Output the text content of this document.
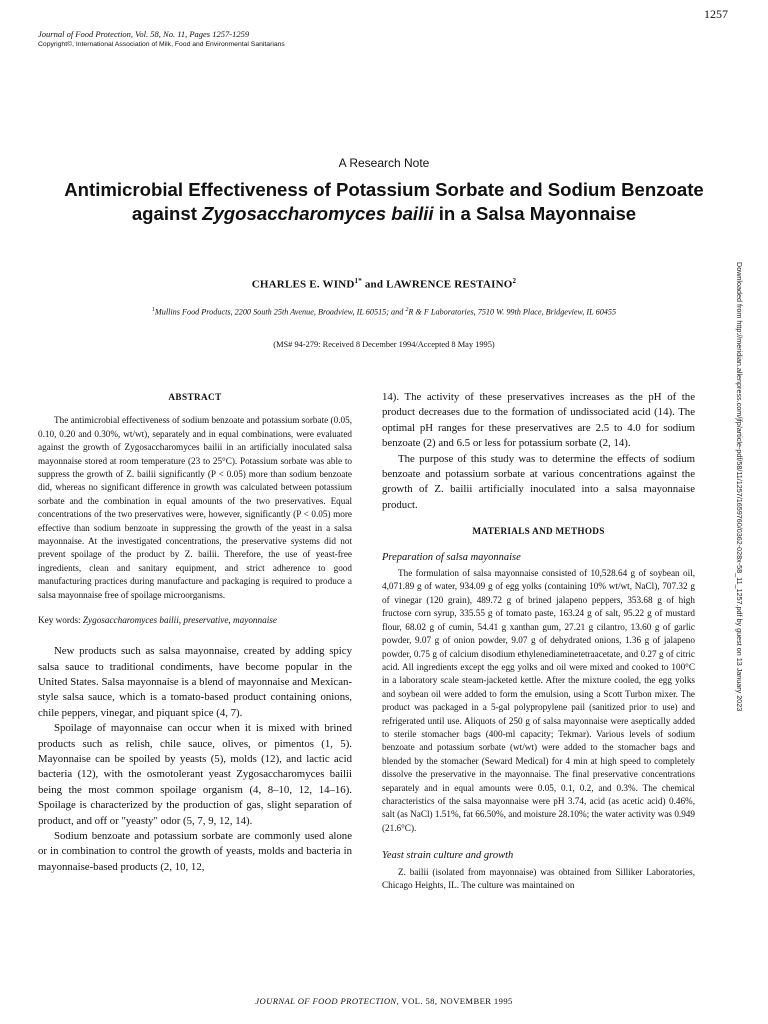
1257
Journal of Food Protection, Vol. 58, No. 11, Pages 1257-1259
Copyright©, International Association of Milk, Food and Environmental Sanitarians
A Research Note
Antimicrobial Effectiveness of Potassium Sorbate and Sodium Benzoate against Zygosaccharomyces bailii in a Salsa Mayonnaise
CHARLES E. $WIND^{1*}$ and LAWRENCE RESTAINO$^2$
$^1$Mullins Food Products, 2200 South 25th Avenue, Broadview, IL 60515; and $^2$R & F Laboratories, 7510 W. 99th Place, Bridgeview, IL 60455
(MS# 94-279: Received 8 December 1994/Accepted 8 May 1995)
ABSTRACT

The antimicrobial effectiveness of sodium benzoate and potassium sorbate (0.05, 0.10, 0.20 and 0.30%, wt/wt), separately and in equal combinations, were evaluated against the growth of Zygosaccharomyces bailii in an artificially inoculated salsa mayonnaise stored at room temperature (23 to 25°C). Potassium sorbate was able to suppress the growth of Z. bailii significantly (P < 0.05) more than sodium benzoate did, whereas no significant difference in growth was calculated between potassium sorbate and the combination in equal amounts of the two preservatives. Equal concentrations of the two preservatives were, however, significantly (P < 0.05) more effective than sodium benzoate in suppressing the growth of the yeast in a salsa mayonnaise. At the investigated concentrations, the preservative systems did not prevent spoilage of the product by Z. bailii. Therefore, the use of yeast-free ingredients, clean and sanitary equipment, and strict adherence to good manufacturing practices during manufacture and packaging is required to produce a salsa mayonnaise free of spoilage microorganisms.

Key words: Zygosaccharomyces bailii, preservative, mayonnaise

New products such as salsa mayonnaise, created by adding spicy salsa sauce to traditional condiments, have become popular in the United States. Salsa mayonnaise is a blend of mayonnaise and Mexican-style salsa sauce, which is a tomato-based product containing onions, chile peppers, vinegar, and piquant spice (4, 7).

Spoilage of mayonnaise can occur when it is mixed with brined products such as relish, chile sauce, olives, or pimentos (1, 5). Mayonnaise can be spoiled by yeasts (5), molds (12), and lactic acid bacteria (12), with the osmotolerant yeast Zygosaccharomyces bailii being the most common spoilage organism (4, 8–10, 12, 14–16). Spoilage is characterized by the production of gas, slight separation of product, and off or "yeasty" odor (5, 7, 9, 12, 14).

Sodium benzoate and potassium sorbate are commonly used alone or in combination to control the growth of yeasts, molds and bacteria in mayonnaise-based products (2, 10, 12,

14). The activity of these preservatives increases as the pH of the product decreases due to the formation of undissociated acid (14). The optimal pH ranges for these preservatives are 2.5 to 4.0 for sodium benzoate (2) and 6.5 or less for potassium sorbate (2, 14).

The purpose of this study was to determine the effects of sodium benzoate and potassium sorbate at various concentrations against the growth of Z. bailii artificially inoculated into a salsa mayonnaise product.

MATERIALS AND METHODS
Preparation of salsa mayonnaise

The formulation of salsa mayonnaise consisted of 10,528.64 g of soybean oil, 4,071.89 g of water, 934.09 g of egg yolks (containing 10% wt/wt, NaCl), 707.32 g of vinegar (120 grain), 489.72 g of brined jalapeno peppers, 353.68 g of high fructose corn syrup, 335.55 g of tomato paste, 163.24 g of salt, 95.22 g of mustard flour, 68.02 g of cumin, 54.41 g xanthan gum, 27.21 g cilantro, 13.60 g of garlic powder, 9.07 g of onion powder, 9.07 g of dehydrated onions, 1.36 g of jalapeno powder, 0.75 g of calcium disodium ethylenediaminetetraacetate, and 0.27 g of citric acid. All ingredients except the egg yolks and oil were mixed and cooked to 100°C in a laboratory scale steam-jacketed kettle. After the mixture cooled, the egg yolks and soybean oil were added to form the emulsion, using a Scott Turbon mixer. The product was packaged in a 5-gal polypropylene pail (sanitized prior to use) and refrigerated until use. Aliquots of 250 g of salsa mayonnaise were aseptically added to sterile stomacher bags (400-ml capacity; Tekmar). Various levels of sodium benzoate and potassium sorbate (wt/wt) were added to the stomacher bags and blended by the stomacher (Seward Medical) for 4 min at high speed to completely dissolve the preservative in the mayonnaise. The final preservative concentrations separately and in equal amounts were 0.05, 0.1, 0.2, and 0.3%. The chemical characteristics of the salsa mayonnaise were pH 3.74, acid (as acetic acid) 0.46%, salt (as NaCl) 1.51%, fat 66.50%, and moisture 28.10%; the water activity was 0.949 (21.6°C).

Yeast strain culture and growth

Z. bailii (isolated from mayonnaise) was obtained from Silliker Laboratories, Chicago Heights, IL. The culture was maintained on

Downloaded from http://meridian.allenpress.com/jfp/article-pdf/58/11/1257/1659760/0362-028x-58_11_1257.pdf by guest on 13 January 2023
JOURNAL OF FOOD PROTECTION, VOL. 58, NOVEMBER 1995
